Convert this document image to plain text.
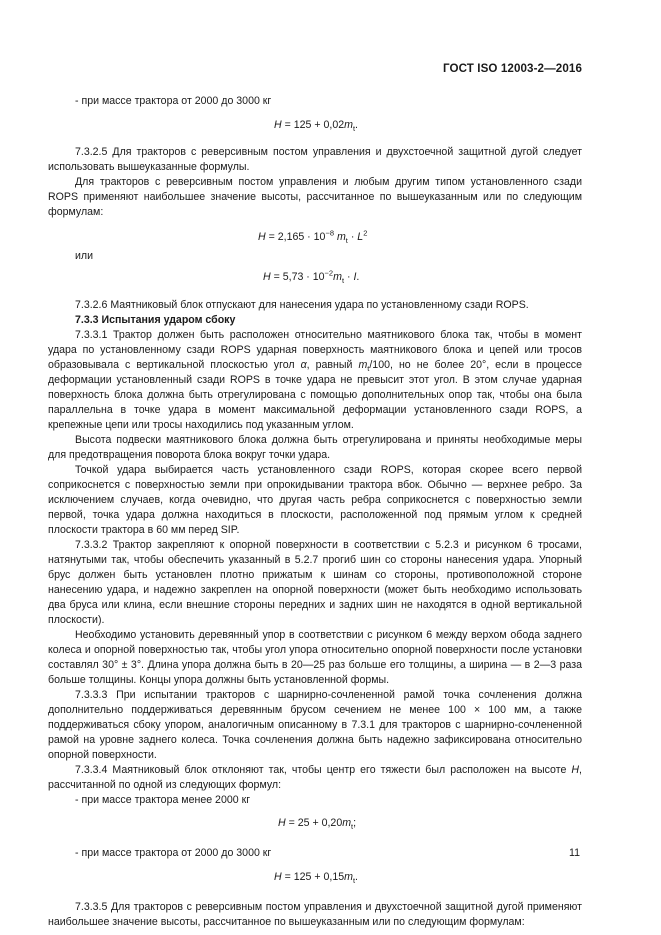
ГОСТ ISO 12003-2—2016

- при массе трактора от 2000 до 3000 кг

$H = 125 + 0,02m_t$.

7.3.2.5 Для тракторов с реверсивным постом управления и двухстоечной защитной дугой следует использовать вышеуказанные формулы.

Для тракторов с реверсивным постом управления и любым другим типом установленного сзади ROPS применяют наибольшее значение высоты, рассчитанное по вышеуказанным или по следующим формулам:

$H = 2,165 \cdot 10^{-8}$ $m_t \cdot L^2$

или

$H = 5,73 \cdot 10^{-2}m_t \cdot I$.

7.3.2.6 Маятниковый блок отпускают для нанесения удара по установленному сзади ROPS.

7.3.3 Испытания ударом сбоку

7.3.3.1 Трактор должен быть расположен относительно маятникового блока так, чтобы в момент удара по установленному сзади ROPS ударная поверхность маятникового блока и цепей или тросов образовывала с вертикальной плоскостью угол α, равный $m_t/100$, но не более 20°, если в процессе деформации установленный сзади ROPS в точке удара не превысит этот угол. В этом случае ударная поверхность блока должна быть отрегулирована с помощью дополнительных опор так, чтобы она была параллельна в точке удара в момент максимальной деформации установленного сзади ROPS, а крепежные цепи или тросы находились под указанным углом.

Высота подвески маятникового блока должна быть отрегулирована и приняты необходимые меры для предотвращения поворота блока вокруг точки удара.

Точкой удара выбирается часть установленного сзади ROPS, которая скорее всего первой соприкоснется с поверхностью земли при опрокидывании трактора вбок. Обычно — верхнее ребро. За исключением случаев, когда очевидно, что другая часть ребра соприкоснется с поверхностью земли первой, точка удара должна находиться в плоскости, расположенной под прямым углом к средней плоскости трактора в 60 мм перед SIP.

7.3.3.2 Трактор закрепляют к опорной поверхности в соответствии с 5.2.3 и рисунком 6 тросами, натянутыми так, чтобы обеспечить указанный в 5.2.7 прогиб шин со стороны нанесения удара. Упорный брус должен быть установлен плотно прижатым к шинам со стороны, противоположной стороне нанесению удара, и надежно закреплен на опорной поверхности (может быть необходимо использовать два бруса или клина, если внешние стороны передних и задних шин не находятся в одной вертикальной плоскости).

Необходимо установить деревянный упор в соответствии с рисунком 6 между верхом обода заднего колеса и опорной поверхностью так, чтобы угол упора относительно опорной поверхности после установки составлял 30° ± 3°. Длина упора должна быть в 20—25 раз больше его толщины, а ширина — в 2—3 раза больше толщины. Концы упора должны быть установленной формы.

7.3.3.3 При испытании тракторов с шарнирно-сочлененной рамой точка сочленения должна дополнительно поддерживаться деревянным брусом сечением не менее 100 × 100 мм, а также поддерживаться сбоку упором, аналогичным описанному в 7.3.1 для тракторов с шарнирно-сочлененной рамой на уровне заднего колеса. Точка сочленения должна быть надежно зафиксирована относительно опорной поверхности.

7.3.3.4 Маятниковый блок отклоняют так, чтобы центр его тяжести был расположен на высоте H, рассчитанной по одной из следующих формул:

- при массе трактора менее 2000 кг

$H = 25 + 0,20m_t$;

- при массе трактора от 2000 до 3000 кг

$H = 125 + 0,15m_t$.

7.3.3.5 Для тракторов с реверсивным постом управления и двухстоечной защитной дугой применяют наибольшее значение высоты, рассчитанное по вышеуказанным или по следующим формулам:

11
